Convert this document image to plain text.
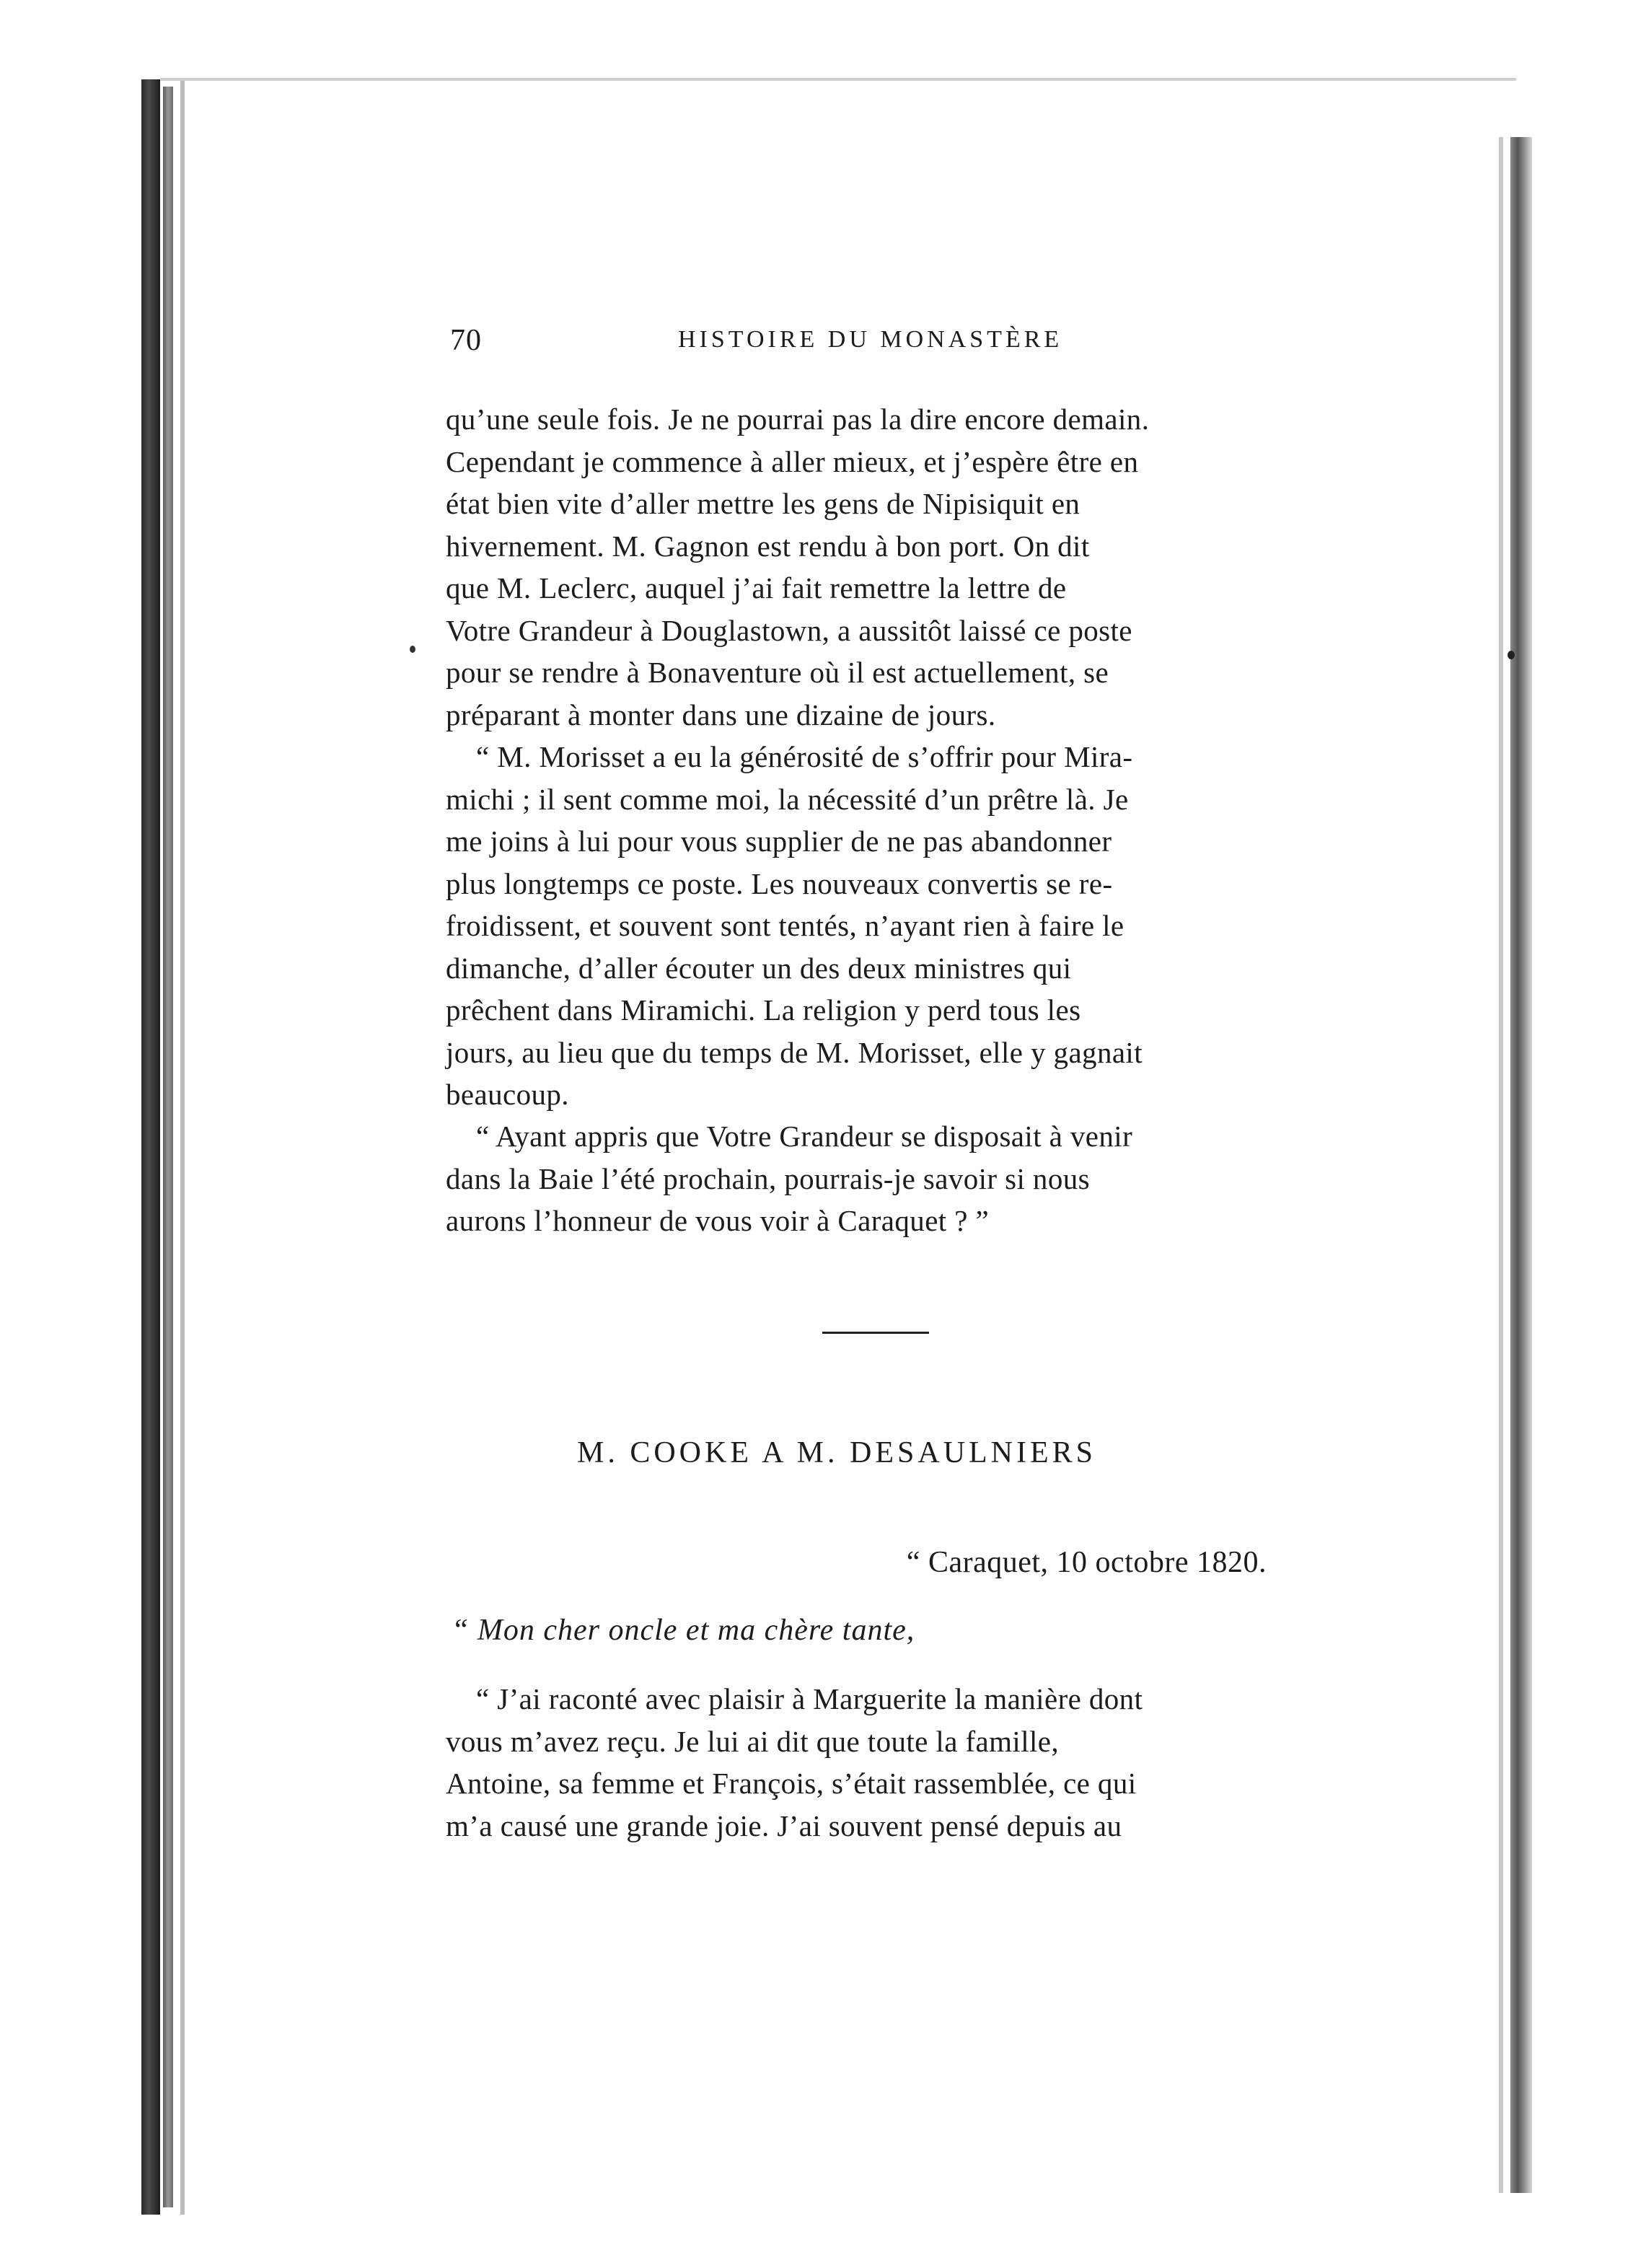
70	HISTOIRE DU MONASTÈRE
qu’une seule fois. Je ne pourrai pas la dire encore demain.
Cependant je commence à aller mieux, et j’espère être en
état bien vite d’aller mettre les gens de Nipisiquit en
hivernement. M. Gagnon est rendu à bon port. On dit
que M. Leclerc, auquel j’ai fait remettre la lettre de
Votre Grandeur à Douglastown, a aussitôt laissé ce poste
pour se rendre à Bonaventure où il est actuellement, se
préparant à monter dans une dizaine de jours.
“ M. Morisset a eu la générosité de s’offrir pour Mira-
michi ; il sent comme moi, la nécessité d’un prêtre là. Je
me joins à lui pour vous supplier de ne pas abandonner
plus longtemps ce poste. Les nouveaux convertis se re-
froidissent, et souvent sont tentés, n’ayant rien à faire le
dimanche, d’aller écouter un des deux ministres qui
prêchent dans Miramichi. La religion y perd tous les
jours, au lieu que du temps de M. Morisset, elle y gagnait
beaucoup.
“ Ayant appris que Votre Grandeur se disposait à venir
dans la Baie l’été prochain, pourrais-je savoir si nous
aurons l’honneur de vous voir à Caraquet ? ”
M. COOKE A M. DESAULNIERS
“ Caraquet, 10 octobre 1820.
“ Mon cher oncle et ma chère tante,
“ J’ai raconté avec plaisir à Marguerite la manière dont
vous m’avez reçu. Je lui ai dit que toute la famille,
Antoine, sa femme et François, s’était rassemblée, ce qui
m’a causé une grande joie. J’ai souvent pensé depuis au
